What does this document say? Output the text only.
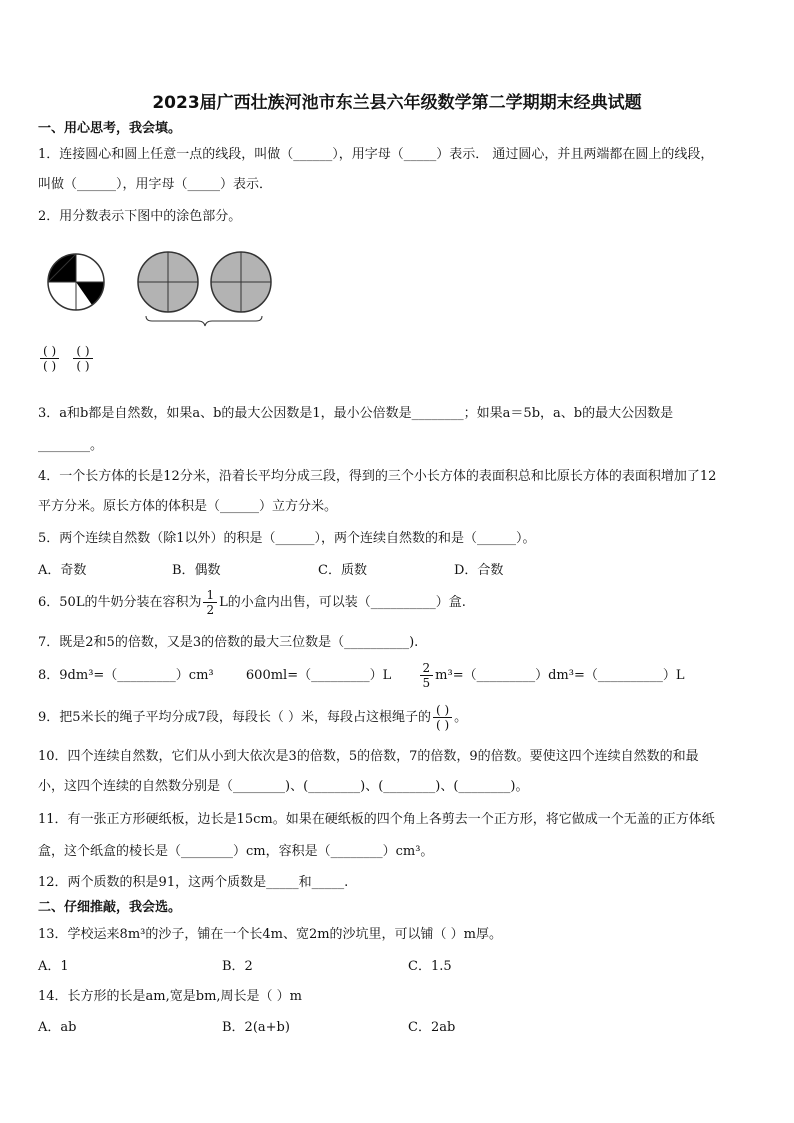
2023届广西壮族河池市东兰县六年级数学第二学期期末经典试题
一、用心思考，我会填。
1．连接圆心和圆上任意一点的线段，叫做（______），用字母（_____）表示． 通过圆心，并且两端都在圆上的线段，
叫做（______），用字母（_____）表示．
2．用分数表示下图中的涂色部分。
$\frac{( )}{( )}$
$\frac{( )}{( )}$
3．a和b都是自然数，如果a、b的最大公因数是1，最小公倍数是________；如果a＝5b，a、b的最大公因数是
________。
4．一个长方体的长是12分米，沿着长平均分成三段，得到的三个小长方体的表面积总和比原长方体的表面积增加了12
平方分米。原长方体的体积是（______）立方分米。
5．两个连续自然数（除1以外）的积是（______），两个连续自然数的和是（______）。
A．奇数	B．偶数	C．质数	D．合数
6．50L的牛奶分装在容积为 $\frac{1}{2}$ L的小盒内出售，可以装（__________）盒.
7．既是2和5的倍数，又是3的倍数的最大三位数是（__________).
8．9dm³=（_________）cm³ 600ml=（_________）L $\frac{2}{5}$ m³=（_________）dm³=（__________）L
9．把5米长的绳子平均分成7段，每段长（ ）米，每段占这根绳子的 $\frac{( )}{( )}$ 。
10．四个连续自然数，它们从小到大依次是3的倍数，5的倍数，7的倍数，9的倍数。要使这四个连续自然数的和最
小，这四个连续的自然数分别是（________)、(________)、(________)、(________)。
11．有一张正方形硬纸板，边长是15cm。如果在硬纸板的四个角上各剪去一个正方形，将它做成一个无盖的正方体纸
盒，这个纸盒的棱长是（________）cm，容积是（________）cm³。
12．两个质数的积是91，这两个质数是_____和_____.
二、仔细推敲，我会选。
13．学校运来8m³的沙子，铺在一个长4m、宽2m的沙坑里，可以铺（ ）m厚。
A．1	B．2	C．1.5
14．长方形的长是am,宽是bm,周长是（ ）m
A．ab	B．2(a+b)	C．2ab
